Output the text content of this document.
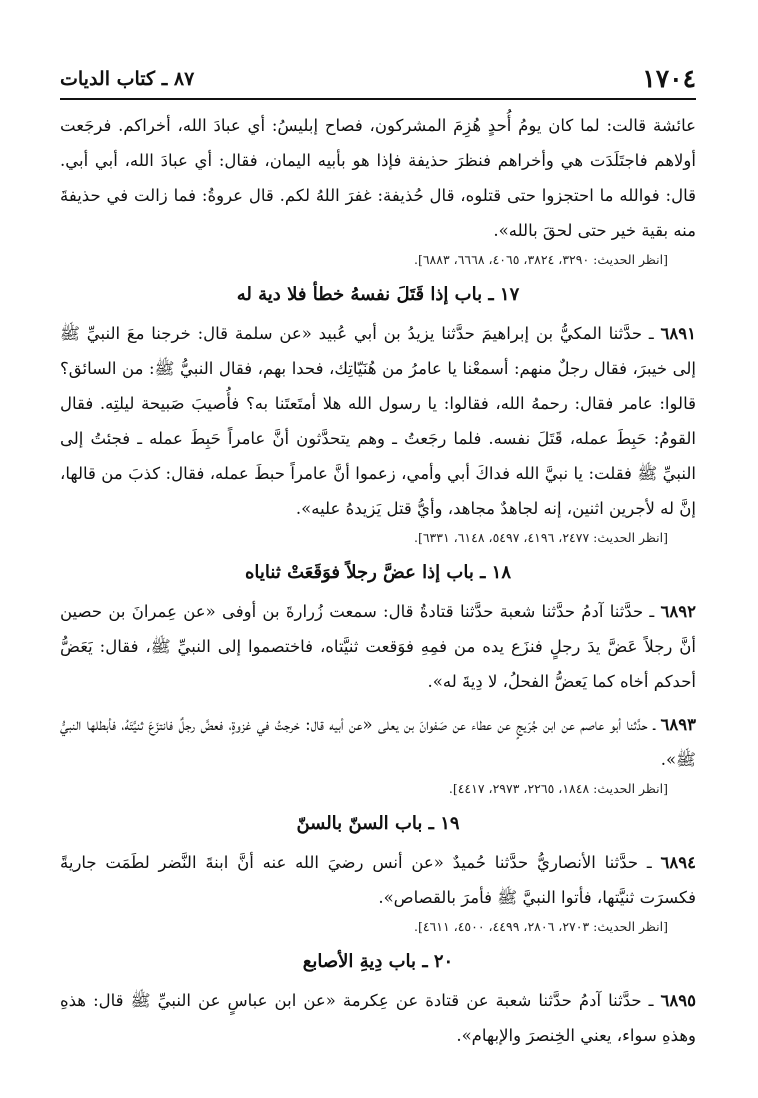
٨٧ ـ كتاب الديات	١٧٠٤

عائشة قالت: لما كان يومُ أُحدٍ هُزِمَ المشركون، فصاح إبليسُ: أي عبادَ الله، أخراكم. فرجَعت أولاهم فاجتَلَدَت هي وأخراهم فنظرَ حذيفة فإذا هو بأبيه اليمان، فقال: أي عبادَ الله، أبي أبي. قال: فوالله ما احتجزوا حتى قتلوه، قال حُذيفة: غفرَ اللهُ لكم. قال عروةُ: فما زالت في حذيفةَ منه بقية خير حتى لحقَ بالله».

[انظر الحديث: ٣٢٩٠، ٣٨٢٤، ٤٠٦٥، ٦٦٦٨، ٦٨٨٣].
١٧ ـ باب إذا قَتَلَ نفسهُ خطأ فلا دية له

٦٨٩١ ـ حدَّثنا المكيُّ بن إبراهيمَ حدَّثنا يزيدُ بن أبي عُبيد «عن سلمة قال: خرجنا معَ النبيِّ ﷺ إلى خيبرَ، فقال رجلٌ منهم: أسمعْنا يا عامرُ من هُنَيّاتِك، فحدا بهم، فقال النبيُّ ﷺ: من السائق؟ قالوا: عامر فقال: رحمهُ الله، فقالوا: يا رسول الله هلا أمتَعتَنا به؟ فأُصيبَ صَبيحة ليلتِه. فقال القومُ: حَبِطَ عمله، قَتَلَ نفسه. فلما رجَعتُ ـ وهم يتحدَّثون أنَّ عامراً حَبِطَ عمله ـ فجئتُ إلى النبيِّ ﷺ فقلت: يا نبيَّ الله فداكَ أبي وأمي، زعموا أنَّ عامراً حبطَ عمله، فقال: كذبَ من قالها، إنَّ له لأجرين اثنين، إنه لجاهدٌ مجاهد، وأيُّ قتل يَزيدهُ عليه».

[انظر الحديث: ٢٤٧٧، ٤١٩٦، ٥٤٩٧، ٦١٤٨، ٦٣٣١].
١٨ ـ باب إذا عضَّ رجلاً فوَقَعَتْ ثناياه

٦٨٩٢ ـ حدَّثنا آدمُ حدَّثنا شعبة حدَّثنا قتادةُ قال: سمعت زُرارةَ بن أوفى «عن عِمرانَ بن حصين أنَّ رجلاً عَضَّ يدَ رجلٍ فنزَع يده من فمِهِ فوَقعت ثنيَّتاه، فاختصموا إلى النبيِّ ﷺ، فقال: يَعَضُّ أحدكم أخاه كما يَعضُّ الفحلُ، لا دِيةَ له».

٦٨٩٣ ـ حدَّثنا أبو عاصم عن ابن جُرَيجٍ عن عطاء عن صَفوانَ بن يعلى «عن أبيه قال: خرجتُ في غزوةٍ، فعضَّ رجلٌ فانتزَعَ ثنيَّتَهُ، فأبطلها النبيُّ ﷺ».

[انظر الحديث: ١٨٤٨، ٢٢٦٥، ٢٩٧٣، ٤٤١٧].
١٩ ـ باب السنّ بالسنّ

٦٨٩٤ ـ حدَّثنا الأنصاريُّ حدَّثنا حُميدٌ «عن أنس رضيَ الله عنه أنَّ ابنةَ النَّضر لطَمَت جاريةً فكسرَت ثنيَّتها، فأتوا النبيَّ ﷺ فأمرَ بالقصاص».

[انظر الحديث: ٢٧٠٣، ٢٨٠٦، ٤٤٩٩، ٤٥٠٠، ٤٦١١].
٢٠ ـ باب دِيةِ الأصابع

٦٨٩٥ ـ حدَّثنا آدمُ حدَّثنا شعبة عن قتادة عن عِكرمة «عن ابن عباسٍ عن النبيِّ ﷺ قال: هذهِ وهذهِ سواء، يعني الخِنصرَ والإبهام».
